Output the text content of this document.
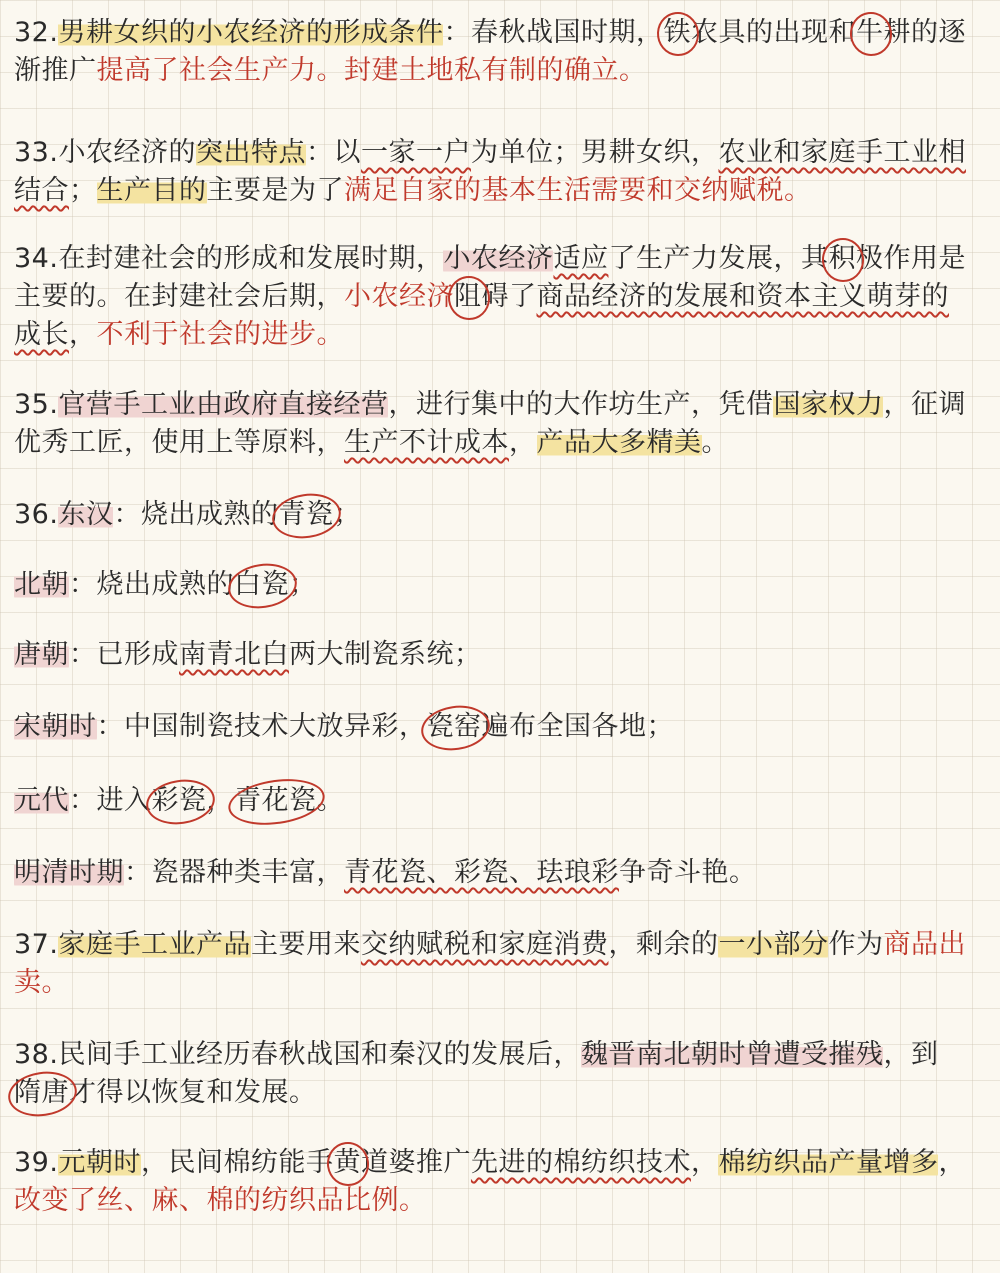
32.男耕女织的小农经济的形成条件：春秋战国时期，铁农具的出现和牛耕的逐渐推广提高了社会生产力。封建土地私有制的确立。

33.小农经济的突出特点：以一家一户为单位；男耕女织，农业和家庭手工业相结合；生产目的主要是为了满足自家的基本生活需要和交纳赋税。

34.在封建社会的形成和发展时期，小农经济适应了生产力发展，其积极作用是主要的。在封建社会后期，小农经济阻碍了商品经济的发展和资本主义萌芽的成长，不利于社会的进步。

35.官营手工业由政府直接经营，进行集中的大作坊生产，凭借国家权力，征调优秀工匠，使用上等原料，生产不计成本，产品大多精美。

36.东汉：烧出成熟的青瓷；

北朝：烧出成熟的白瓷；

唐朝：已形成南青北白两大制瓷系统；

宋朝时：中国制瓷技术大放异彩，瓷窑遍布全国各地；

元代：进入彩瓷，青花瓷。

明清时期：瓷器种类丰富，青花瓷、彩瓷、珐琅彩争奇斗艳。

37.家庭手工业产品主要用来交纳赋税和家庭消费，剩余的一小部分作为商品出卖。

38.民间手工业经历春秋战国和秦汉的发展后，魏晋南北朝时曾遭受摧残，到隋唐才得以恢复和发展。

39.元朝时，民间棉纺能手黄道婆推广先进的棉纺织技术，棉纺织品产量增多，改变了丝、麻、棉的纺织品比例。
